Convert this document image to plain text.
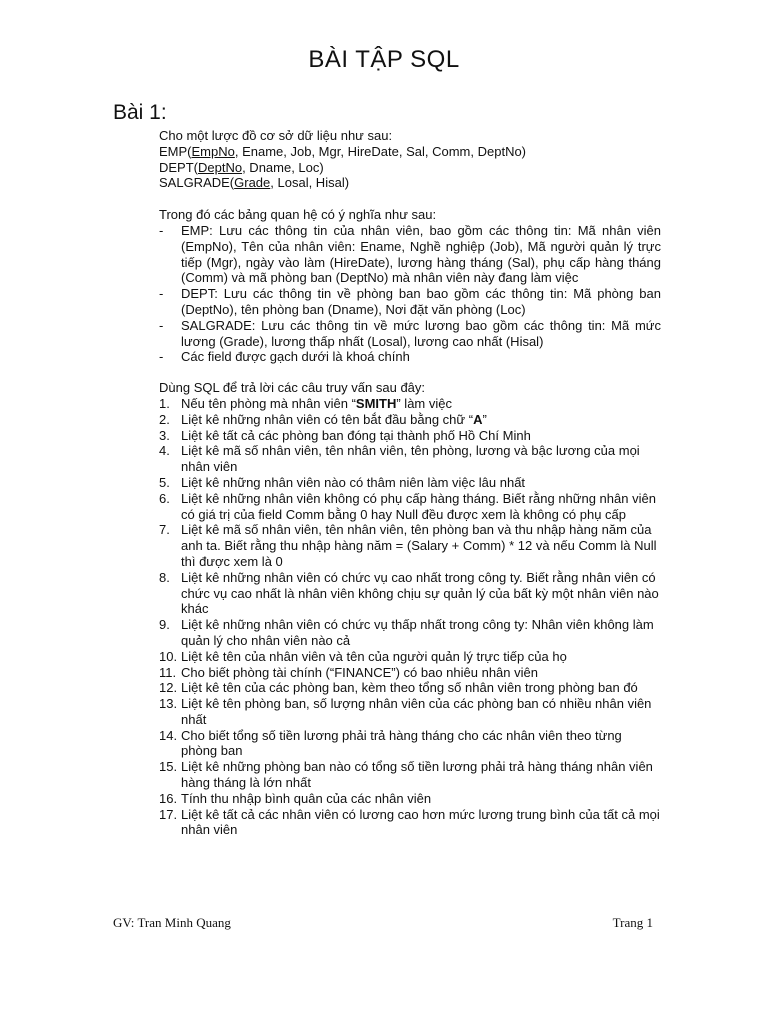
BÀI TẬP SQL
Bài 1:

Cho một lược đồ cơ sở dữ liệu như sau:

EMP(EmpNo, Ename, Job, Mgr, HireDate, Sal, Comm, DeptNo)

DEPT(DeptNo, Dname, Loc)

SALGRADE(Grade, Losal, Hisal)

Trong đó các bảng quan hệ có ý nghĩa như sau:

- EMP: Lưu các thông tin của nhân viên, bao gồm các thông tin: Mã nhân viên (EmpNo), Tên của nhân viên: Ename, Nghề nghiệp (Job), Mã người quản lý trực tiếp (Mgr), ngày vào làm (HireDate), lương hàng tháng (Sal), phụ cấp hàng tháng (Comm) và mã phòng ban (DeptNo) mà nhân viên này đang làm việc
- DEPT: Lưu các thông tin về phòng ban bao gồm các thông tin: Mã phòng ban (DeptNo), tên phòng ban (Dname), Nơi đặt văn phòng (Loc)
- SALGRADE: Lưu các thông tin về mức lương bao gồm các thông tin: Mã mức lương (Grade), lương thấp nhất (Losal), lương cao nhất (Hisal)
- Các field được gạch dưới là khoá chính

Dùng SQL để trả lời các câu truy vấn sau đây:

1. Nếu tên phòng mà nhân viên “SMITH” làm việc
2. Liệt kê những nhân viên có tên bắt đầu bằng chữ “A”
3. Liệt kê tất cả các phòng ban đóng tại thành phố Hồ Chí Minh
4. Liệt kê mã số nhân viên, tên nhân viên, tên phòng, lương và bậc lương của mọi nhân viên
5. Liệt kê những nhân viên nào có thâm niên làm việc lâu nhất
6. Liệt kê những nhân viên không có phụ cấp hàng tháng. Biết rằng những nhân viên có giá trị của field Comm bằng 0 hay Null đều được xem là không có phụ cấp
7. Liệt kê mã số nhân viên, tên nhân viên, tên phòng ban và thu nhập hàng năm của anh ta. Biết rằng thu nhập hàng năm = (Salary + Comm) * 12 và nếu Comm là Null thì được xem là 0
8. Liệt kê những nhân viên có chức vụ cao nhất trong công ty. Biết rằng nhân viên có chức vụ cao nhất là nhân viên không chịu sự quản lý của bất kỳ một nhân viên nào khác
9. Liệt kê những nhân viên có chức vụ thấp nhất trong công ty: Nhân viên không làm quản lý cho nhân viên nào cả
10. Liệt kê tên của nhân viên và tên của người quản lý trực tiếp của họ
11. Cho biết phòng tài chính (“FINANCE”) có bao nhiêu nhân viên
12. Liệt kê tên của các phòng ban, kèm theo tổng số nhân viên trong phòng ban đó
13. Liệt kê tên phòng ban, số lượng nhân viên của các phòng ban có nhiều nhân viên nhất
14. Cho biết tổng số tiền lương phải trả hàng tháng cho các nhân viên theo từng phòng ban
15. Liệt kê những phòng ban nào có tổng số tiền lương phải trả hàng tháng nhân viên hàng tháng là lớn nhất
16. Tính thu nhập bình quân của các nhân viên
17. Liệt kê tất cả các nhân viên có lương cao hơn mức lương trung bình của tất cả mọi nhân viên
GV: Tran Minh Quang	Trang 1
